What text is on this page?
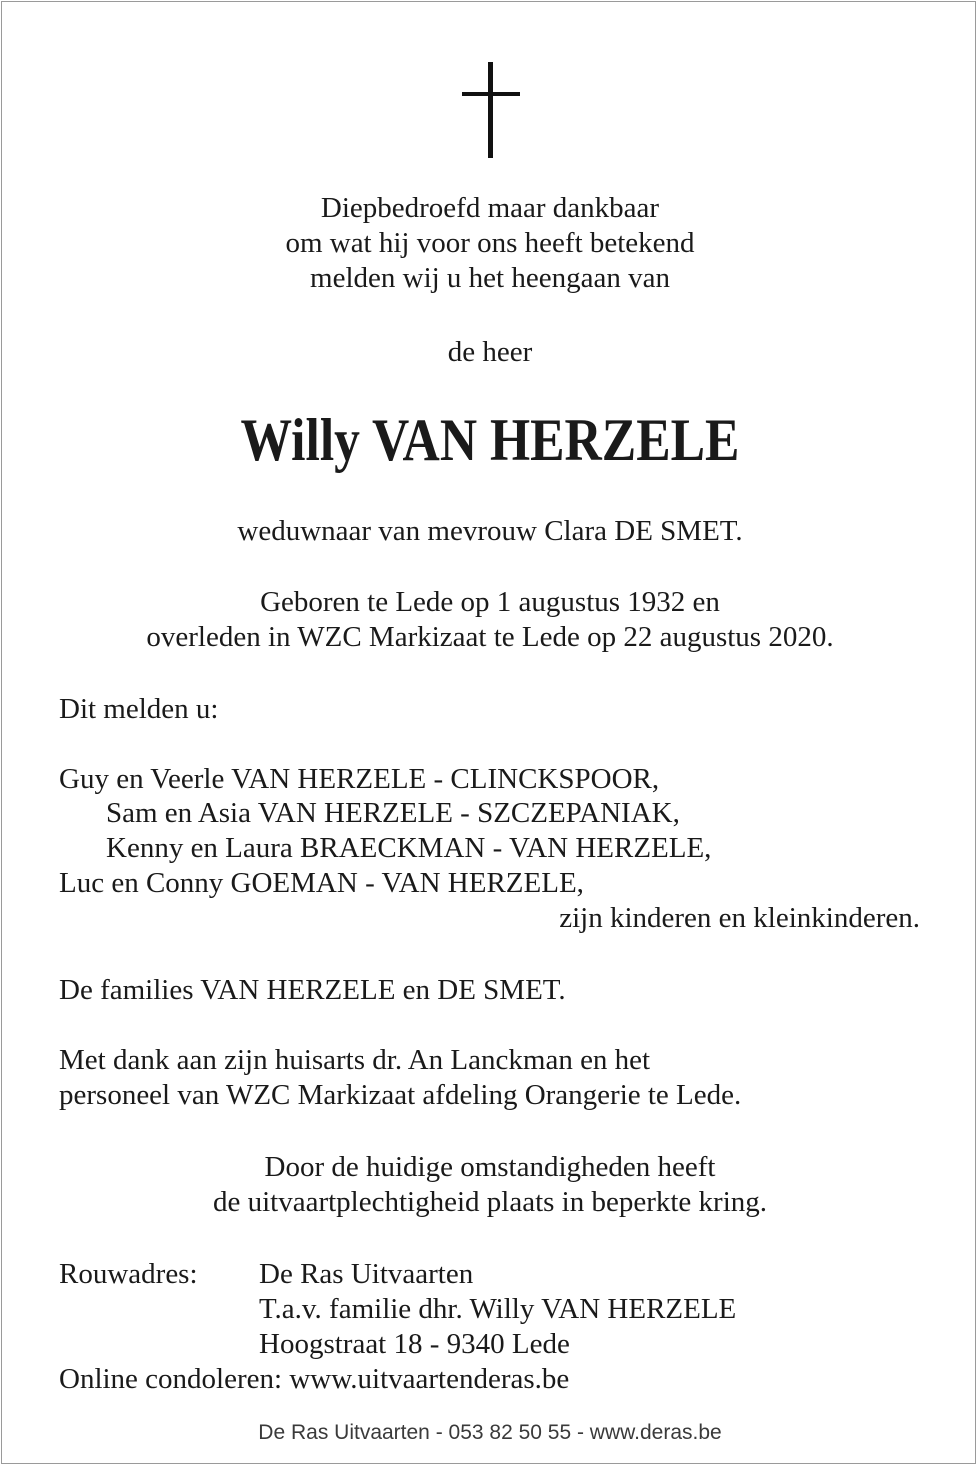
Diepbedroefd maar dankbaar

om wat hij voor ons heeft betekend

melden wij u het heengaan van

de heer

Willy VAN HERZELE

weduwnaar van mevrouw Clara DE SMET.

Geboren te Lede op 1 augustus 1932 en

overleden in WZC Markizaat te Lede op 22 augustus 2020.

Dit melden u:

Guy en Veerle VAN HERZELE - CLINCKSPOOR,

Sam en Asia VAN HERZELE - SZCZEPANIAK,

Kenny en Laura BRAECKMAN - VAN HERZELE,

Luc en Conny GOEMAN - VAN HERZELE,

zijn kinderen en kleinkinderen.

De families VAN HERZELE en DE SMET.

Met dank aan zijn huisarts dr. An Lanckman en het

personeel van WZC Markizaat afdeling Orangerie te Lede.

Door de huidige omstandigheden heeft

de uitvaartplechtigheid plaats in beperkte kring.

Rouwadres: De Ras Uitvaarten

T.a.v. familie dhr. Willy VAN HERZELE

Hoogstraat 18 - 9340 Lede

Online condoleren: www.uitvaartenderas.be

De Ras Uitvaarten - 053 82 50 55 - www.deras.be
